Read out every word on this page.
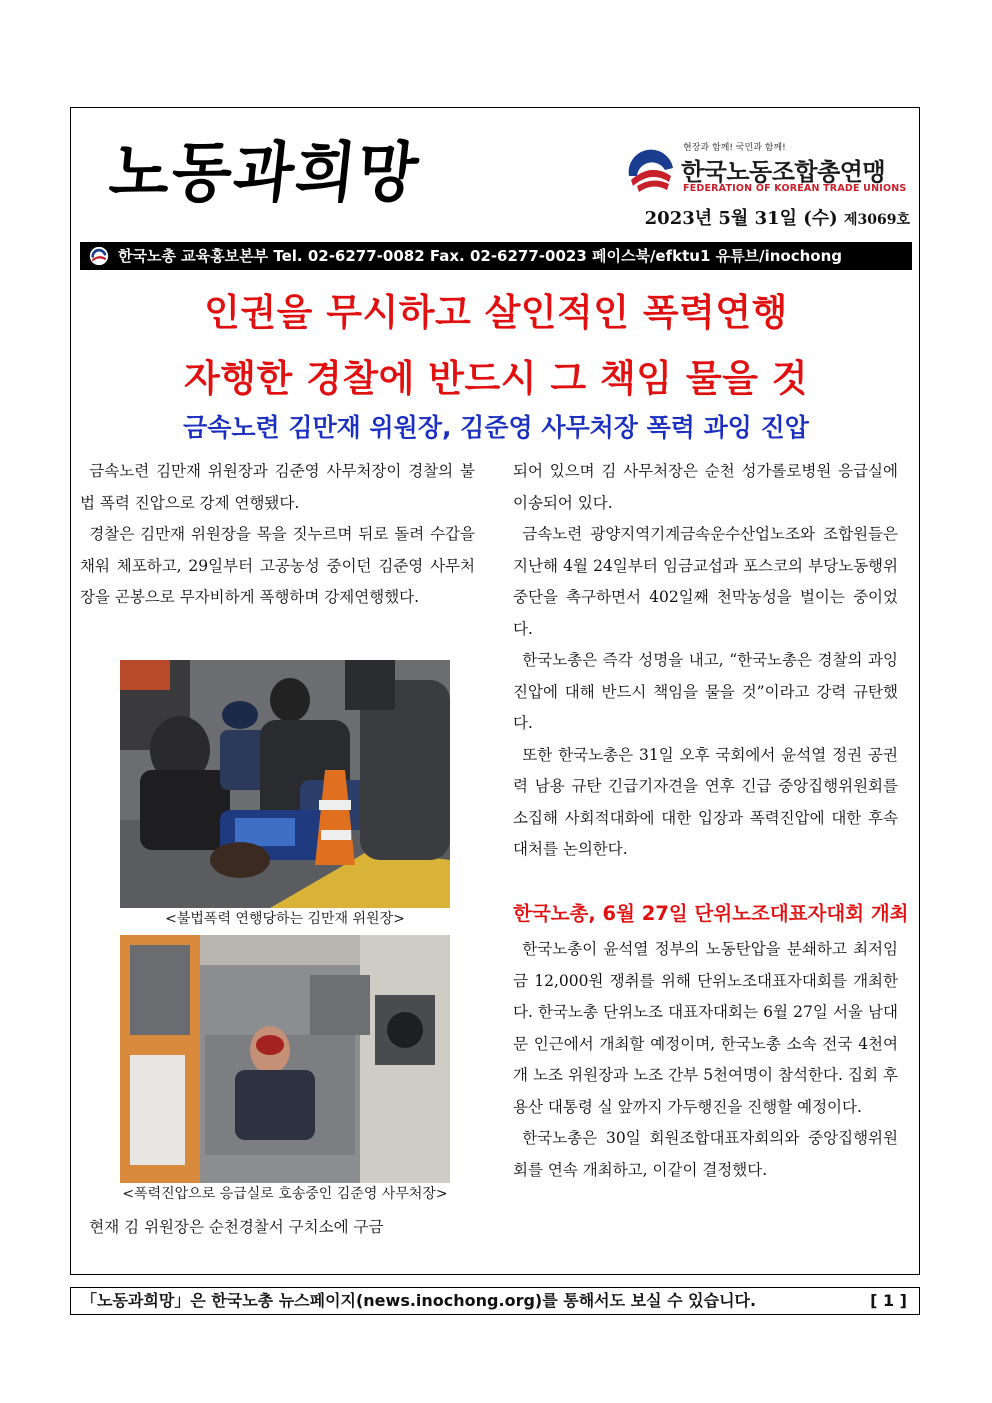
노동과희망	현장과 함께! 국민과 함께!
한국노동조합총연맹
FEDERATION OF KOREAN TRADE UNIONS
2023년 5월 31일 (수) 제3069호
한국노총 교육홍보본부 Tel. 02-6277-0082 Fax. 02-6277-0023 페이스북/efktu1 유튜브/inochong
인권을 무시하고 살인적인 폭력연행
자행한 경찰에 반드시 그 책임 물을 것
금속노련 김만재 위원장, 김준영 사무처장 폭력 과잉 진압

금속노련 김만재 위원장과 김준영 사무처장이 경찰의 불법 폭력 진압으로 강제 연행됐다.

경찰은 김만재 위원장을 목을 짓누르며 뒤로 돌려 수갑을 채워 체포하고, 29일부터 고공농성 중이던 김준영 사무처장을 곤봉으로 무자비하게 폭행하며 강제연행했다.

<불법폭력 연행당하는 김만재 위원장>
<폭력진압으로 응급실로 호송중인 김준영 사무처장>
현재 김 위원장은 순천경찰서 구치소에 구금

되어 있으며 김 사무처장은 순천 성가롤로병원 응급실에 이송되어 있다.

금속노련 광양지역기계금속운수산업노조와 조합원들은 지난해 4월 24일부터 임금교섭과 포스코의 부당노동행위 중단을 촉구하면서 402일째 천막농성을 벌이는 중이었다.

한국노총은 즉각 성명을 내고, “한국노총은 경찰의 과잉진압에 대해 반드시 책임을 물을 것”이라고 강력 규탄했다.

또한 한국노총은 31일 오후 국회에서 윤석열 정권 공권력 남용 규탄 긴급기자견을 연후 긴급 중앙집행위원회를 소집해 사회적대화에 대한 입장과 폭력진압에 대한 후속대처를 논의한다.

한국노총, 6월 27일 단위노조대표자대회 개최

한국노총이 윤석열 정부의 노동탄압을 분쇄하고 최저임금 12,000원 쟁취를 위해 단위노조대표자대회를 개최한다. 한국노총 단위노조 대표자대회는 6월 27일 서울 남대문 인근에서 개최할 예정이며, 한국노총 소속 전국 4천여개 노조 위원장과 노조 간부 5천여명이 참석한다. 집회 후 용산 대통령 실 앞까지 가두행진을 진행할 예정이다.

한국노총은 30일 회원조합대표자회의와 중앙집행위원회를 연속 개최하고, 이같이 결정했다.

「노동과희망」은 한국노총 뉴스페이지(news.inochong.org)를 통해서도 보실 수 있습니다.	[ 1 ]
